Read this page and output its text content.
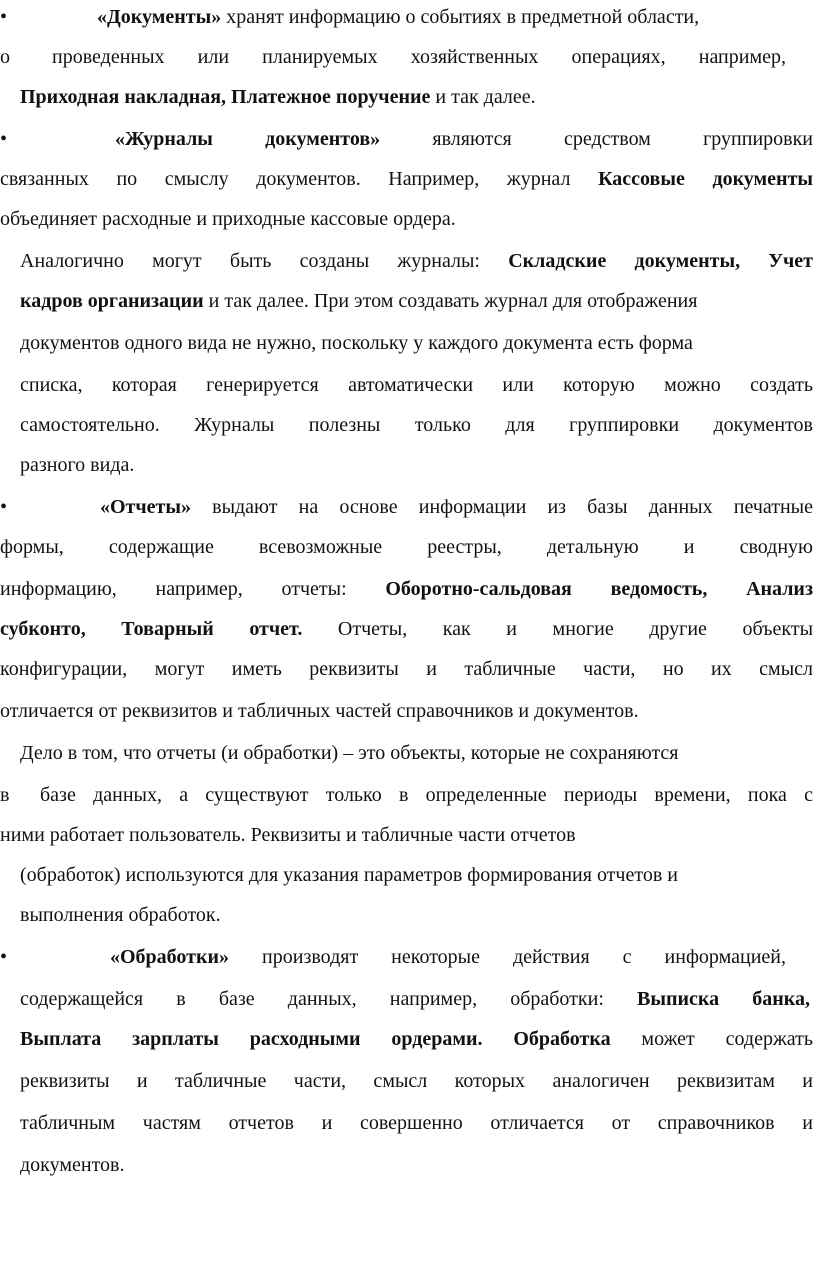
•	«Документы» хранят информацию о событиях в предметной области,
o проведенных или планируемых хозяйственных операциях, например,
Приходная накладная, Платежное поручение и так далее.
•	«Журналы документов»	являются средством группировки
связанных по смыслу документов. Например, журнал Кассовые документы
объединяет расходные и приходные кассовые ордера.
Аналогично могут быть созданы журналы: Складские документы, Учет
кадров организации и так далее. При этом создавать журнал для отображения
документов одного вида не нужно, поскольку у каждого документа есть форма
списка, которая генерируется автоматически или которую можно создать
самостоятельно. Журналы полезны только для группировки документов
разного вида.
•	«Отчеты» выдают на основе информации из базы данных печатные
формы, содержащие всевозможные реестры, детальную и сводную
информацию, например, отчеты: Оборотно-сальдовая ведомость, Анализ
субконто, Товарный отчет. Отчеты, как и многие другие объекты
конфигурации, могут иметь реквизиты и табличные части, но их смысл
отличается от реквизитов и табличных частей справочников и документов.
Дело в том, что отчеты (и обработки) – это объекты, которые не сохраняются
в базе данных, а существуют только в определенные периоды времени, пока с
ними работает пользователь. Реквизиты и табличные части отчетов
(обработок) используются для указания параметров формирования отчетов и
выполнения обработок.
•	«Обработки» производят некоторые действия с информацией,
содержащейся в базе данных, например, обработки: Выписка банка,
Выплата зарплаты расходными ордерами. Обработка может содержать
реквизиты и табличные части, смысл которых аналогичен реквизитам и
табличным частям отчетов и совершенно отличается от справочников и
документов.
